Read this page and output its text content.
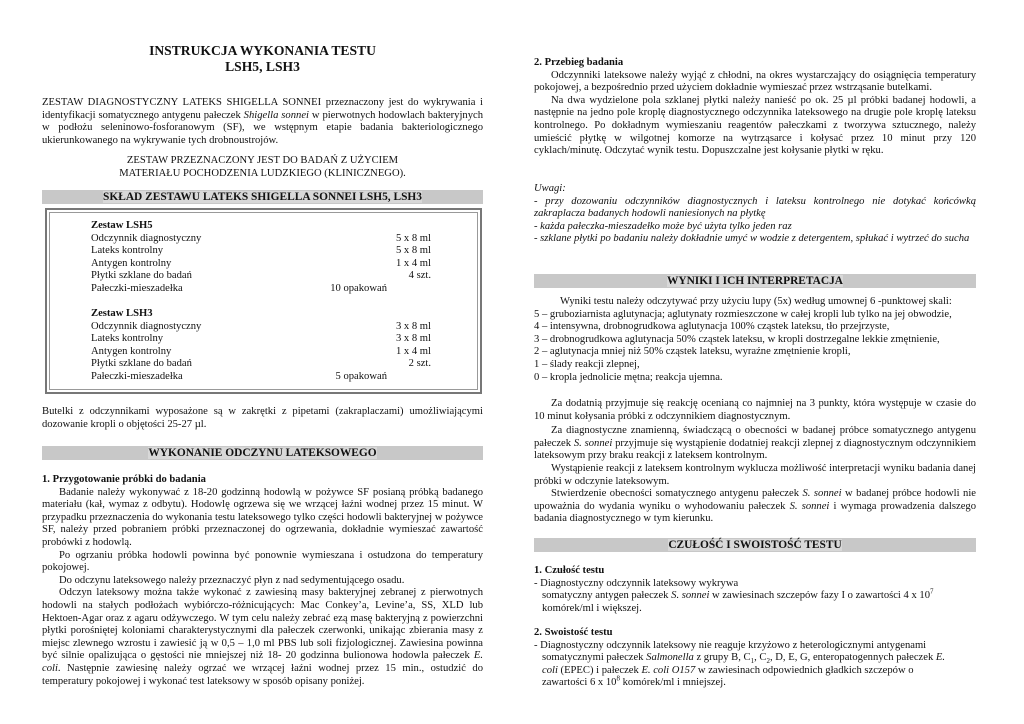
INSTRUKCJA WYKONANIA TESTU
LSH5, LSH3

ZESTAW DIAGNOSTYCZNY LATEKS SHIGELLA SONNEI przeznaczony jest do wykrywania i identyfikacji somatycznego antygenu pałeczek Shigella sonnei w pierwotnych hodowlach bakteryjnych w podłożu seleninowo-fosforanowym (SF), we wstępnym etapie badania bakteriologicznego ukierunkowanego na wykrywanie tych drobnoustrojów.

ZESTAW PRZEZNACZONY JEST DO BADAŃ Z UŻYCIEM MATERIAŁU POCHODZENIA LUDZKIEGO (KLINICZNEGO).

SKŁAD ZESTAWU LATEKS SHIGELLA SONNEI LSH5, LSH3
Zestaw LSH5
Odczynnik diagnostyczny	5 x 8 ml
Lateks kontrolny	5 x 8 ml
Antygen kontrolny	1 x 4 ml
Płytki szklane do badań	4 szt.
Pałeczki-mieszadełka	10 opakowań
Zestaw LSH3
Odczynnik diagnostyczny	3 x 8 ml
Lateks kontrolny	3 x 8 ml
Antygen kontrolny	1 x 4 ml
Płytki szklane do badań	2 szt.
Pałeczki-mieszadełka	5 opakowań

Butelki z odczynnikami wyposażone są w zakrętki z pipetami (zakraplaczami) umożliwiającymi dozowanie kropli o objętości 25-27 µl.

WYKONANIE ODCZYNU LATEKSOWEGO

1. Przygotowanie próbki do badania

Badanie należy wykonywać z 18-20 godzinną hodowlą w pożywce SF posianą próbką badanego materiału (kał, wymaz z odbytu). Hodowlę ogrzewa się we wrzącej łaźni wodnej przez 15 minut. W przypadku przeznaczenia do wykonania testu lateksowego tylko części hodowli bakteryjnej w pożywce SF, należy przed pobraniem próbki przeznaczonej do ogrzewania, dokładnie wymieszać zawartość probówki z hodowlą.

Po ogrzaniu próbka hodowli powinna być ponownie wymieszana i ostudzona do temperatury pokojowej.

Do odczynu lateksowego należy przeznaczyć płyn z nad sedymentującego osadu.

Odczyn lateksowy można także wykonać z zawiesiną masy bakteryjnej zebranej z pierwotnych hodowli na stałych podłożach wybiórczo-różnicujących: Mac Conkey’a, Levine’a, SS, XLD lub Hektoen-Agar oraz z agaru odżywczego. W tym celu należy zebrać ezą masę bakteryjną z powierzchni płytki porośniętej koloniami charakterystycznymi dla pałeczek czerwonki, unikając zbierania masy z miejsc zlewnego wzrostu i zawiesić ją w 0,5 – 1,0 ml PBS lub soli fizjologicznej. Zawiesina powinna być silnie opalizująca o gęstości nie mniejszej niż 18- 20 godzinna bulionowa hodowla pałeczek E. coli. Następnie zawiesinę należy ogrzać we wrzącej łaźni wodnej przez 15 min., ostudzić do temperatury pokojowej i wykonać test lateksowy w sposób opisany poniżej.

2. Przebieg badania

Odczynniki lateksowe należy wyjąć z chłodni, na okres wystarczający do osiągnięcia temperatury pokojowej, a bezpośrednio przed użyciem dokładnie wymieszać przez wstrząsanie butelkami.

Na dwa wydzielone pola szklanej płytki należy nanieść po ok. 25 µl próbki badanej hodowli, a następnie na jedno pole kroplę diagnostycznego odczynnika lateksowego na drugie pole kroplę lateksu kontrolnego. Po dokładnym wymieszaniu reagentów pałeczkami z tworzywa sztucznego, należy umieścić płytkę w wilgotnej komorze na wytrząsarce i kołysać przez 10 minut przy 120 cyklach/minutę. Odczytać wynik testu. Dopuszczalne jest kołysanie płytki w ręku.

Uwagi:

- przy dozowaniu odczynników diagnostycznych i lateksu kontrolnego nie dotykać końcówką zakraplacza badanych hodowli naniesionych na płytkę

- każda pałeczka-mieszadełko może być użyta tylko jeden raz

- szklane płytki po badaniu należy dokładnie umyć w wodzie z detergentem, spłukać i wytrzeć do sucha

WYNIKI I ICH INTERPRETACJA

Wyniki testu należy odczytywać przy użyciu lupy (5x) według umownej 6 -punktowej skali:

5 – gruboziarnista aglutynacja; aglutynaty rozmieszczone w całej kropli lub tylko na jej obwodzie,

4 – intensywna, drobnogrudkowa aglutynacja 100% cząstek lateksu, tło przejrzyste,

3 – drobnogrudkowa aglutynacja 50% cząstek lateksu, w kropli dostrzegalne lekkie zmętnienie,

2 – aglutynacja mniej niż 50% cząstek lateksu, wyraźne zmętnienie kropli,

1 – ślady reakcji zlepnej,

0 – kropla jednolicie mętna; reakcja ujemna.

Za dodatnią przyjmuje się reakcję ocenianą co najmniej na 3 punkty, która występuje w czasie do 10 minut kołysania próbki z odczynnikiem diagnostycznym.

Za diagnostyczne znamienną, świadczącą o obecności w badanej próbce somatycznego antygenu pałeczek S. sonnei przyjmuje się wystąpienie dodatniej reakcji zlepnej z diagnostycznym odczynnikiem lateksowym przy braku reakcji z lateksem kontrolnym.

Wystąpienie reakcji z lateksem kontrolnym wyklucza możliwość interpretacji wyniku badania danej próbki w odczynie lateksowym.

Stwierdzenie obecności somatycznego antygenu pałeczek S. sonnei w badanej próbce hodowli nie upoważnia do wydania wyniku o wyhodowaniu pałeczek S. sonnei i wymaga prowadzenia dalszego badania diagnostycznego w tym kierunku.

CZUŁOŚĆ I SWOISTOŚĆ TESTU

1. Czułość testu

- Diagnostyczny odczynnik lateksowy wykrywa

somatyczny antygen pałeczek S. sonnei w zawiesinach szczepów fazy I o zawartości 4 x $10^7$

komórek/ml i większej.

2. Swoistość testu

- Diagnostyczny odczynnik lateksowy nie reaguje krzyżowo z heterologicznymi antygenami

somatycznymi pałeczek Salmonella z grupy B, $C_1$, $C_2$, D, E, G, enteropatogennych pałeczek E.

coli (EPEC) i pałeczek E. coli O157 w zawiesinach odpowiednich gładkich szczepów o

zawartości 6 x $10^8$ komórek/ml i mniejszej.
